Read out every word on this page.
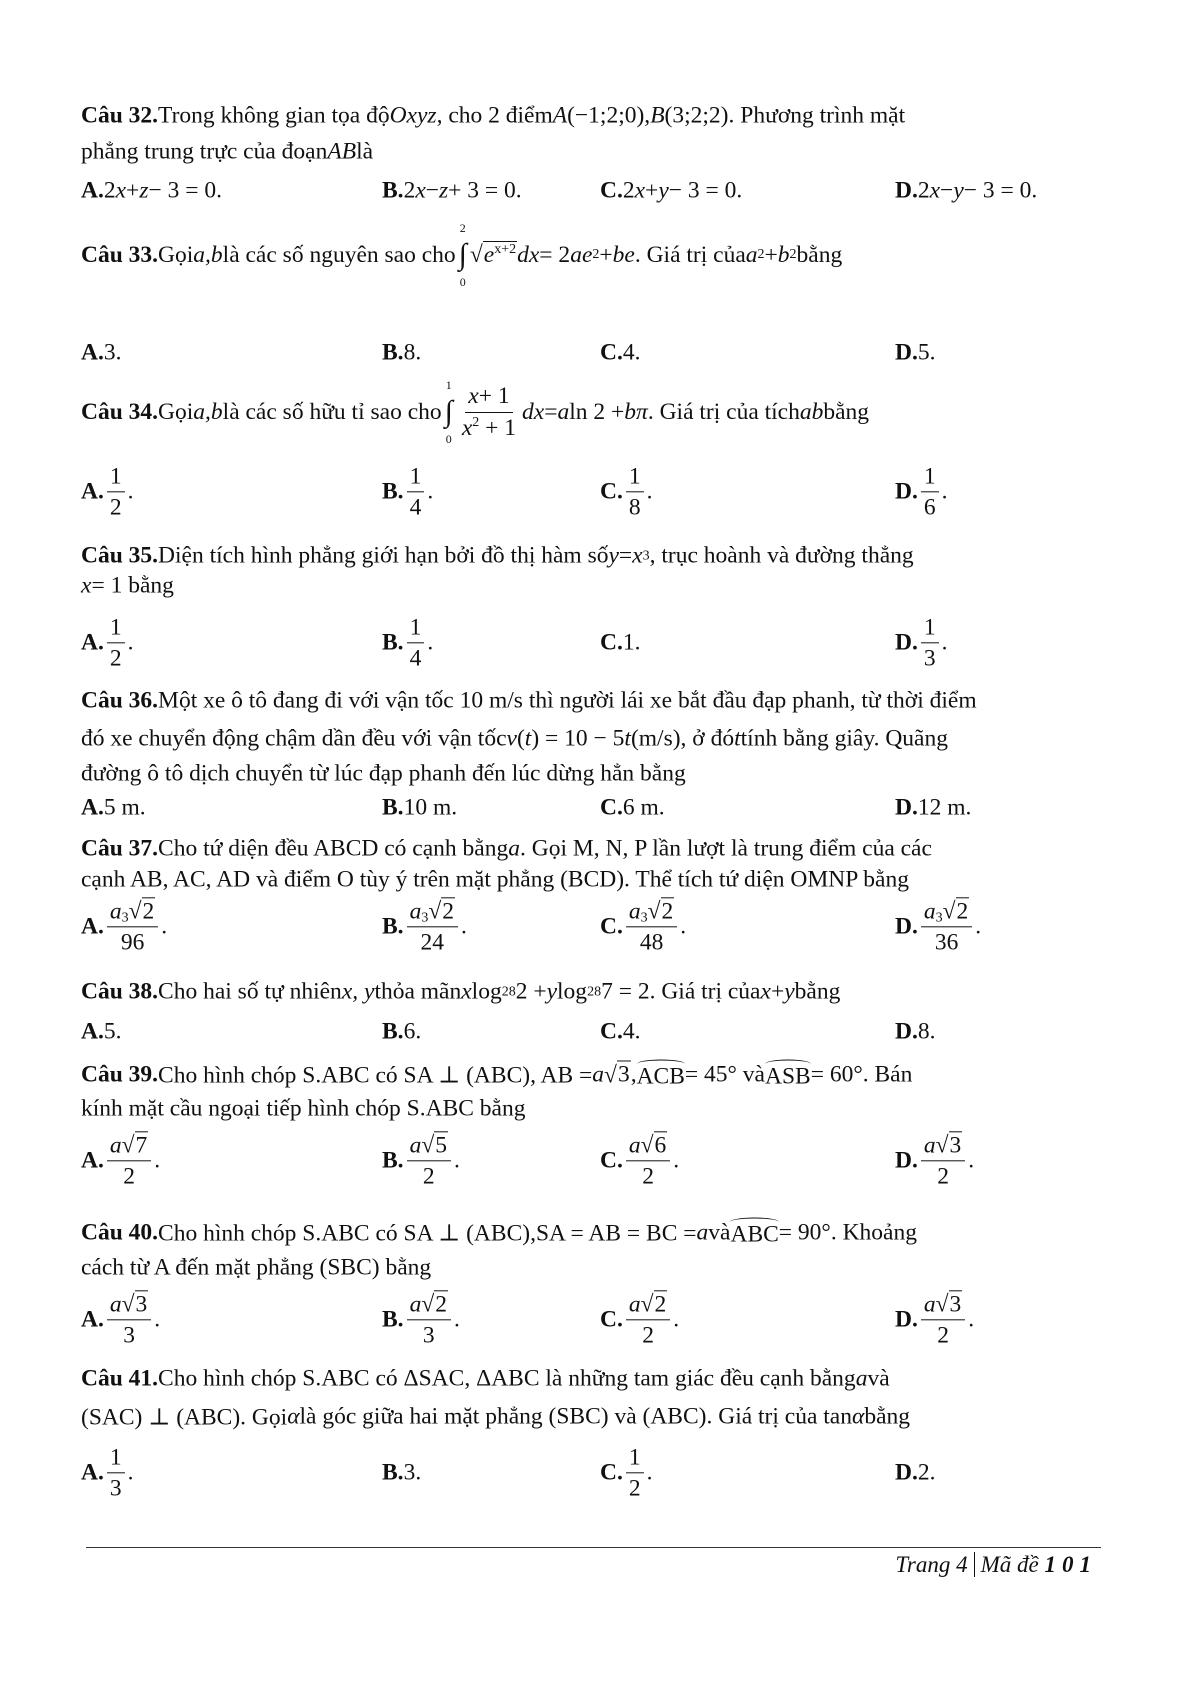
Câu 32. Trong không gian tọa độ Oxyz , cho 2 điểm A (−1;2;0), B (3;2;2). Phương trình mặt
phẳng trung trực của đoạn AB là
A. 2 x + z − 3 = 0.	B. 2 x − z + 3 = 0.	C. 2 x + y − 3 = 0.	D. 2 x − y − 3 = 0.
Câu 33. Gọi a,b là các số nguyên sao cho
2
∫
0
√ $e^{x+2}$ dx = 2 ae 2 + be . Giá trị của a 2 + b 2 bằng
A. 3.	B. 8.	C. 4.	D. 5.
Câu 34. Gọi a,b là các số hữu tỉ sao cho
1
∫
$0 \frac{x + 1}{x^2 + 1}$ dx = a ln 2 + bπ . Giá trị của tích ab bằng
A. $\frac{1}{2}$ .	B. $\frac{1}{4}$ .	C. $\frac{1}{8}$ .	D. $\frac{1}{6}$ .
Câu 35. Diện tích hình phẳng giới hạn bởi đồ thị hàm số y = x 3 , trục hoành và đường thẳng
x = 1 bằng
A. $\frac{1}{2}$ .	B. $\frac{1}{4}$ .	C. 1.	D. $\frac{1}{3}$ .
Câu 36. Một xe ô tô đang đi với vận tốc 10 m/s thì người lái xe bắt đầu đạp phanh, từ thời điểm
đó xe chuyển động chậm dần đều với vận tốc v ( t ) = 10 − 5 t (m/s), ở đó t tính bằng giây. Quãng
đường ô tô dịch chuyển từ lúc đạp phanh đến lúc dừng hẳn bằng
A. 5 m.	B. 10 m.	C. 6 m.	D. 12 m.
Câu 37. Cho tứ diện đều ABCD có cạnh bằng a . Gọi M, N, P lần lượt là trung điểm của các
cạnh AB, AC, AD và điểm O tùy ý trên mặt phẳng (BCD). Thể tích tứ diện OMNP bằng
A. $\frac{a_3 √ 2}{96}$ .	B. $\frac{a_3 √ 2}{24}$ .	C. $\frac{a_3 √ 2}{48}$ .	D. $\frac{a_3 √ 2}{36}$ .
Câu 38. Cho hai số tự nhiên x, y thỏa mãn x log 28 2 + y log 28 7 = 2. Giá trị của x + y bằng
A. 5.	B. 6.	C. 4.	D. 8.
Câu 39. Cho hình chóp S.ABC có SA ⊥ (ABC), AB = a √ 3 , ACB = 45° và ASB = 60°. Bán
kính mặt cầu ngoại tiếp hình chóp S.ABC bằng
A. $\frac{a √ 7}{2}$ .	B. $\frac{a √ 5}{2}$ .	C. $\frac{a √ 6}{2}$ .	D. $\frac{a √ 3}{2}$ .
Câu 40. Cho hình chóp S.ABC có SA ⊥ (ABC),SA = AB = BC = a và ABC = 90°. Khoảng
cách từ A đến mặt phẳng (SBC) bằng
A. $\frac{a √ 3}{3}$ .	B. $\frac{a √ 2}{3}$ .	C. $\frac{a √ 2}{2}$ .	D. $\frac{a √ 3}{2}$ .
Câu 41. Cho hình chóp S.ABC có ΔSAC, ΔABC là những tam giác đều cạnh bằng a và
(SAC) ⊥ (ABC). Gọi α là góc giữa hai mặt phẳng (SBC) và (ABC). Giá trị của tan α bằng
A. $\frac{1}{3}$ .	B. 3.	C. $\frac{1}{2}$ .	D. 2.
Trang 4 Mã đề 101
